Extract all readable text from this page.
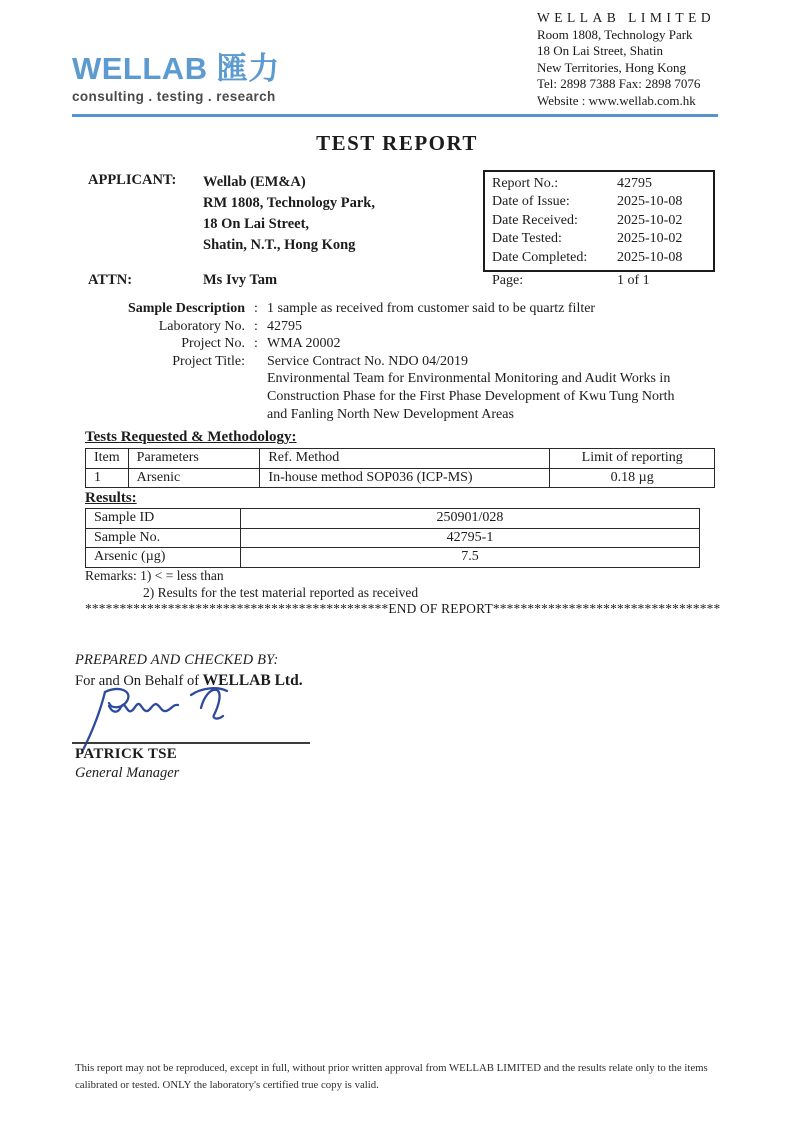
WELLAB 匯力
consulting . testing . research
WELLAB LIMITED
Room 1808, Technology Park
18 On Lai Street, Shatin
New Territories, Hong Kong
Tel: 2898 7388 Fax: 2898 7076
Website : www.wellab.com.hk
TEST REPORT
APPLICANT: Wellab (EM&A)
RM 1808, Technology Park,
18 On Lai Street,
Shatin, N.T., Hong Kong
Report No.:	42795
Date of Issue:	2025-10-08
Date Received:	2025-10-02
Date Tested:	2025-10-02
Date Completed:	2025-10-08
Page:	1 of 1
ATTN:	Ms Ivy Tam
Sample Description : 1 sample as received from customer said to be quartz filter
Laboratory No. : 42795
Project No. : WMA 20002
Project Title: Service Contract No. NDO 04/2019
Environmental Team for Environmental Monitoring and Audit Works in
Construction Phase for the First Phase Development of Kwu Tung North
and Fanling North New Development Areas
Tests Requested & Methodology:
Item	Parameters	Ref. Method	Limit of reporting
1	Arsenic	In-house method SOP036 (ICP-MS)	0.18 µg
Results:
Sample ID	250901/028
Sample No.	42795-1
Arsenic (µg)	7.5
Remarks: 1) < = less than
2) Results for the test material reported as received
********************************************END OF REPORT*********************************
PREPARED AND CHECKED BY:
For and On Behalf of WELLAB Ltd.
PATRICK TSE
General Manager
This report may not be reproduced, except in full, without prior written approval from WELLAB LIMITED and the results relate only to the items calibrated or tested. ONLY the laboratory's certified true copy is valid.
